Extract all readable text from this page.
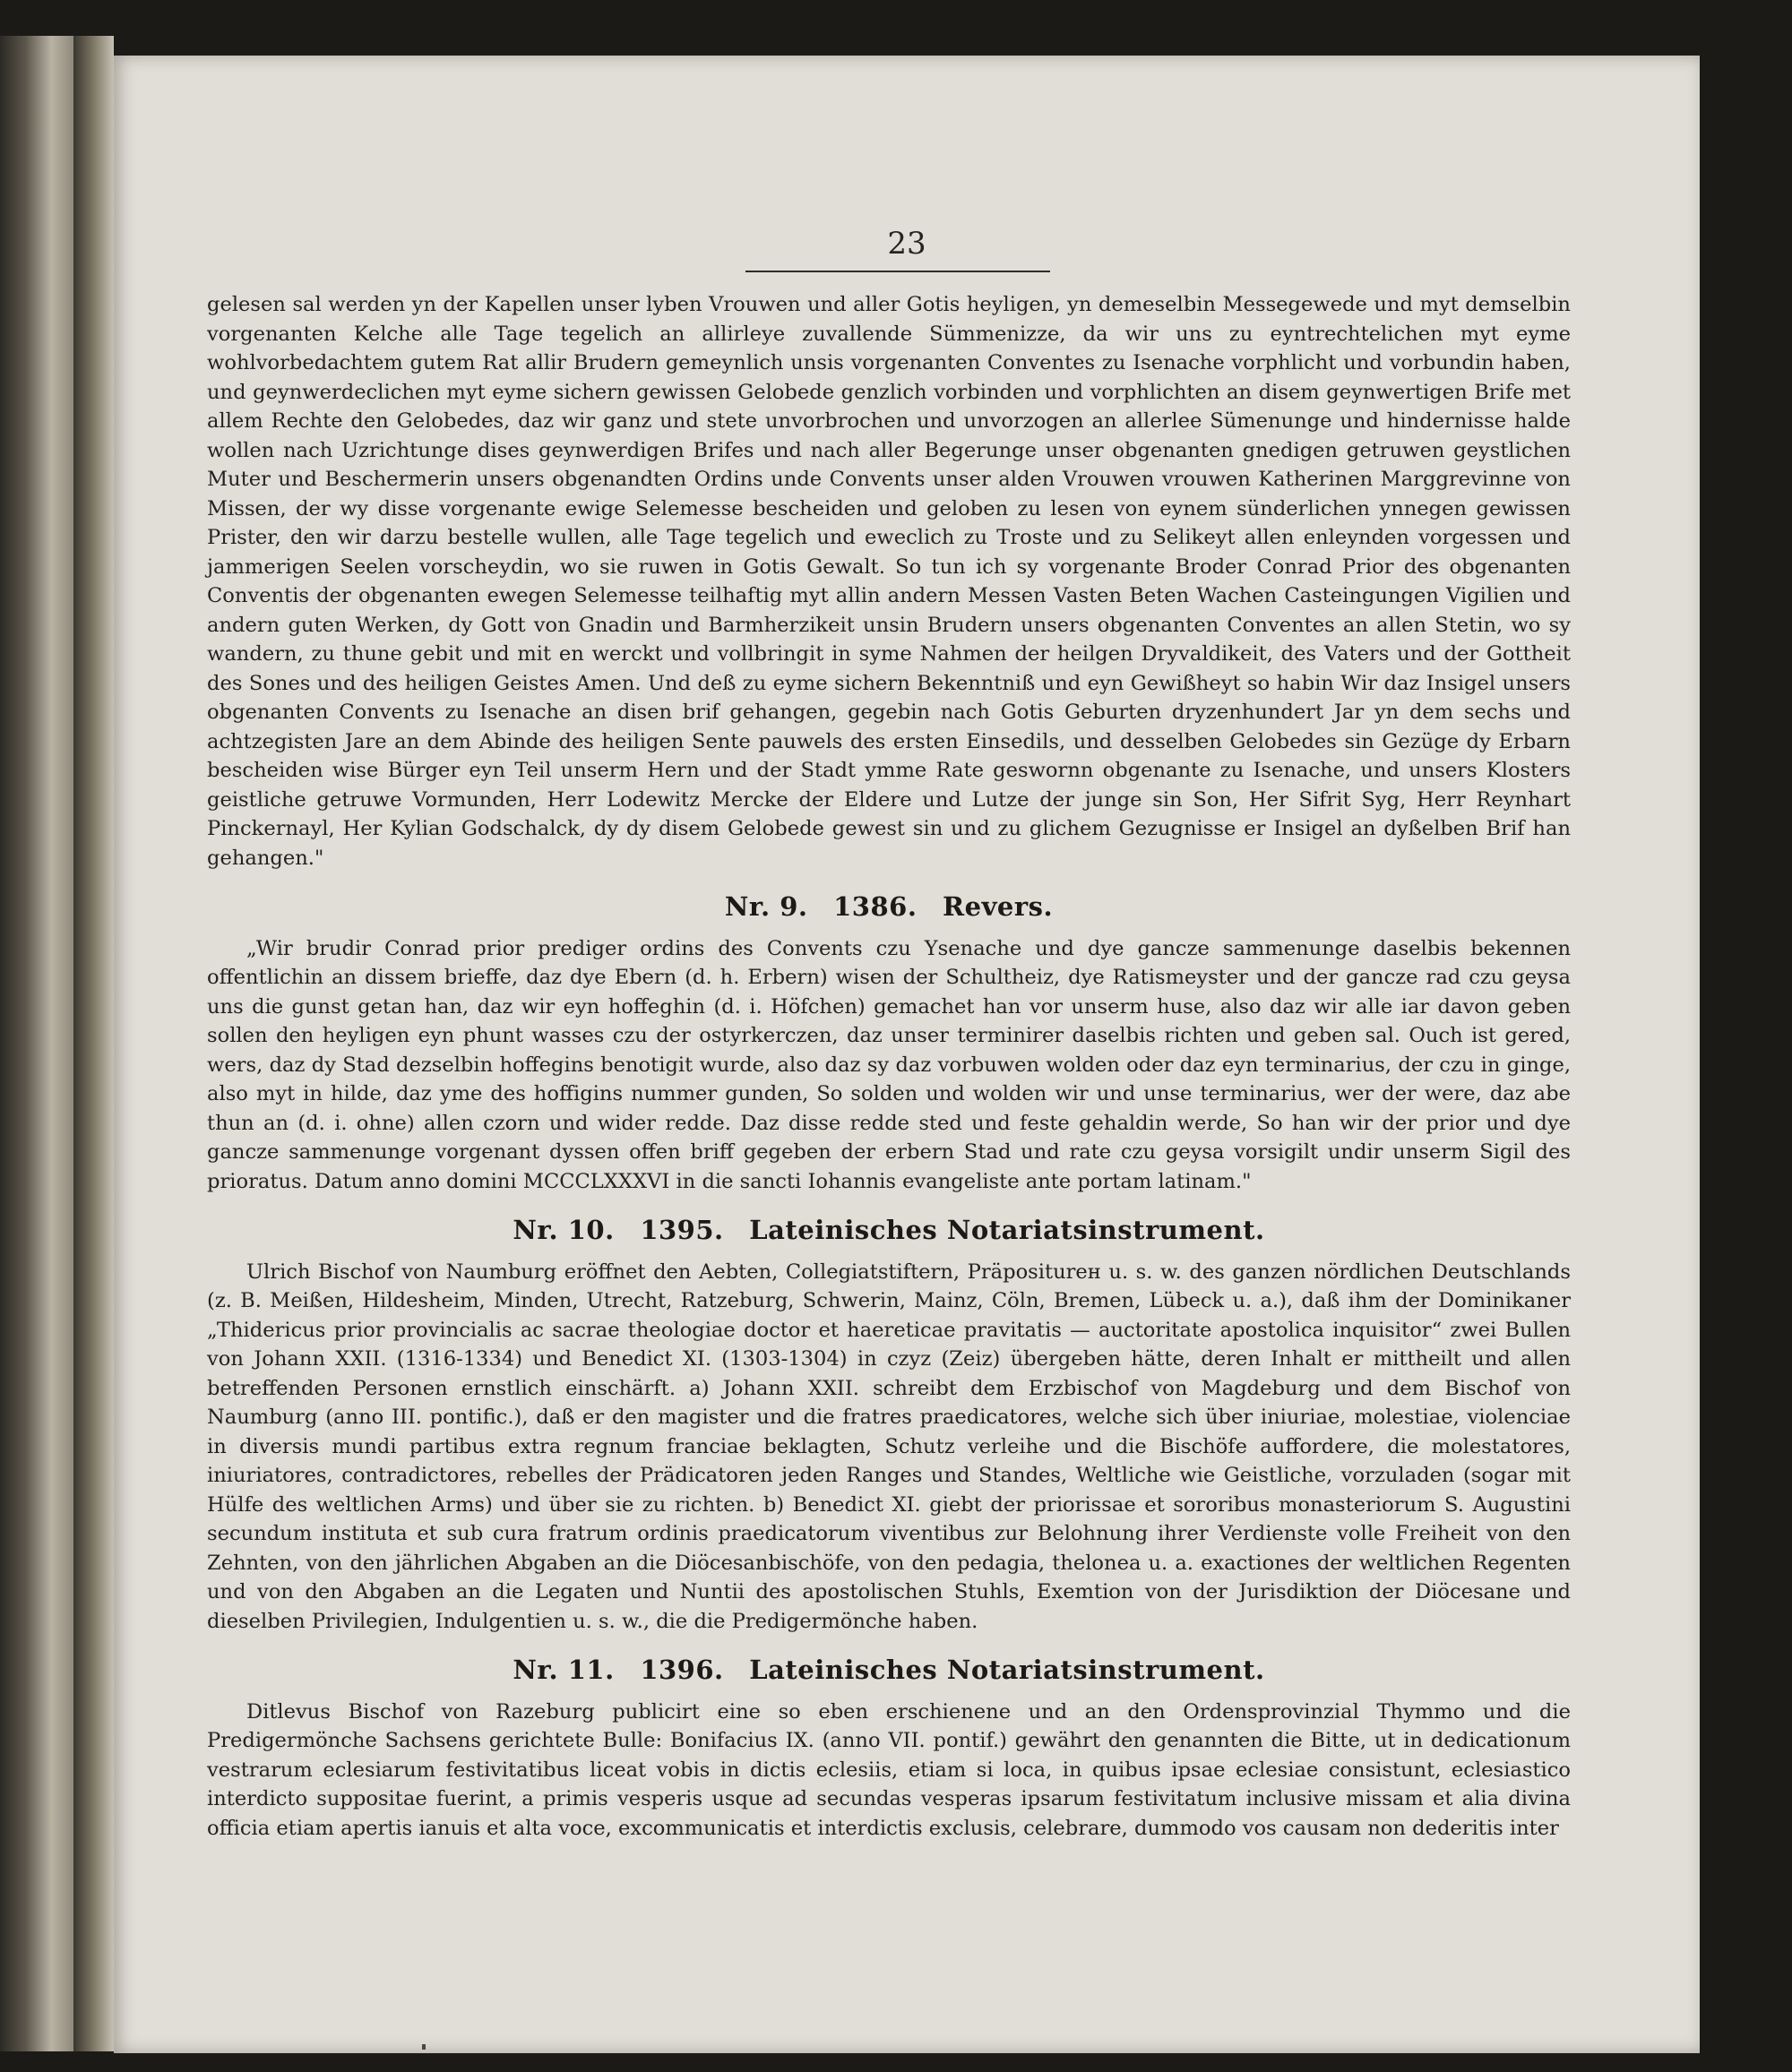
23

gelesen sal werden yn der Kapellen unser lyben Vrouwen und aller Gotis heyligen, yn demeselbin Messegewede und myt demselbin vorgenanten Kelche alle Tage tegelich an allirleye zuvallende Sümmenizze, da wir uns zu eyntrechtelichen myt eyme wohlvorbedachtem gutem Rat allir Brudern gemeynlich unsis vorgenanten Conventes zu Isenache vorphlicht und vorbundin haben, und geynwerdeclichen myt eyme sichern gewissen Gelobede genzlich vorbinden und vorphlichten an disem geynwertigen Brife met allem Rechte den Gelobedes, daz wir ganz und stete unvorbrochen und unvorzogen an allerlee Sümenunge und hindernisse halde wollen nach Uzrichtunge dises geynwerdigen Brifes und nach aller Begerunge unser obgenanten gnedigen getruwen geystlichen Muter und Beschermerin unsers obgenandten Ordins unde Convents unser alden Vrouwen vrouwen Katherinen Marggrevinne von Missen, der wy disse vorgenante ewige Selemesse bescheiden und geloben zu lesen von eynem sünderlichen ynnegen gewissen Prister, den wir darzu bestelle wullen, alle Tage tegelich und eweclich zu Troste und zu Selikeyt allen enleynden vorgessen und jammerigen Seelen vorscheydin, wo sie ruwen in Gotis Gewalt. So tun ich sy vorgenante Broder Conrad Prior des obgenanten Conventis der obgenanten ewegen Selemesse teilhaftig myt allin andern Messen Vasten Beten Wachen Casteingungen Vigilien und andern guten Werken, dy Gott von Gnadin und Barmherzikeit unsin Brudern unsers obgenanten Conventes an allen Stetin, wo sy wandern, zu thune gebit und mit en werckt und vollbringit in syme Nahmen der heilgen Dryvaldikeit, des Vaters und der Gottheit des Sones und des heiligen Geistes Amen. Und deß zu eyme sichern Bekenntniß und eyn Gewißheyt so habin Wir daz Insigel unsers obgenanten Convents zu Isenache an disen brif gehangen, gegebin nach Gotis Geburten dryzenhundert Jar yn dem sechs und achtzegisten Jare an dem Abinde des heiligen Sente pauwels des ersten Einsedils, und desselben Gelobedes sin Gezüge dy Erbarn bescheiden wise Bürger eyn Teil unserm Hern und der Stadt ymme Rate geswornn obgenante zu Isenache, und unsers Klosters geistliche getruwe Vormunden, Herr Lodewitz Mercke der Eldere und Lutze der junge sin Son, Her Sifrit Syg, Herr Reynhart Pinckernayl, Her Kylian Godschalck, dy dy disem Gelobede gewest sin und zu glichem Gezugnisse er Insigel an dyßelben Brif han gehangen."

Nr. 9. 1386. Revers.

„Wir brudir Conrad prior prediger ordins des Convents czu Ysenache und dye gancze sammenunge daselbis bekennen offentlichin an dissem brieffe, daz dye Ebern (d. h. Erbern) wisen der Schultheiz, dye Ratismeyster und der gancze rad czu geysa uns die gunst getan han, daz wir eyn hoffeghin (d. i. Höfchen) gemachet han vor unserm huse, also daz wir alle iar davon geben sollen den heyligen eyn phunt wasses czu der ostyrkerczen, daz unser terminirer daselbis richten und geben sal. Ouch ist gered, wers, daz dy Stad dezselbin hoffegins benotigit wurde, also daz sy daz vorbuwen wolden oder daz eyn terminarius, der czu in ginge, also myt in hilde, daz yme des hoffigins nummer gunden, So solden und wolden wir und unse terminarius, wer der were, daz abe thun an (d. i. ohne) allen czorn und wider redde. Daz disse redde sted und feste gehaldin werde, So han wir der prior und dye gancze sammenunge vorgenant dyssen offen briff gegeben der erbern Stad und rate czu geysa vorsigilt undir unserm Sigil des prioratus. Datum anno domini MCCCLXXXVI in die sancti Iohannis evangeliste ante portam latinam."

Nr. 10. 1395. Lateinisches Notariatsinstrument.

Ulrich Bischof von Naumburg eröffnet den Aebten, Collegiatstiftern, Präpositurен u. s. w. des ganzen nördlichen Deutschlands (z. B. Meißen, Hildesheim, Minden, Utrecht, Ratzeburg, Schwerin, Mainz, Cöln, Bremen, Lübeck u. a.), daß ihm der Dominikaner „Thidericus prior provincialis ac sacrae theologiae doctor et haereticae pravitatis — auctoritate apostolica inquisitor“ zwei Bullen von Johann XXII. (1316-1334) und Benedict XI. (1303-1304) in czyz (Zeiz) übergeben hätte, deren Inhalt er mittheilt und allen betreffenden Personen ernstlich einschärft. a) Johann XXII. schreibt dem Erzbischof von Magdeburg und dem Bischof von Naumburg (anno III. pontific.), daß er den magister und die fratres praedicatores, welche sich über iniuriae, molestiae, violenciae in diversis mundi partibus extra regnum franciae beklagten, Schutz verleihe und die Bischöfe aufforderе, die molestatores, iniuriatores, contradictores, rebelles der Prädicatoren jeden Ranges und Standes, Weltliche wie Geistliche, vorzuladen (sogar mit Hülfe des weltlichen Arms) und über sie zu richten. b) Benedict XI. giebt der priorissae et sororibus monasteriorum S. Augustini secundum instituta et sub cura fratrum ordinis praedicatorum viventibus zur Belohnung ihrer Verdienste volle Freiheit von den Zehnten, von den jährlichen Abgaben an die Diöcesanbischöfe, von den pedagia, thelonea u. a. exactiones der weltlichen Regenten und von den Abgaben an die Legaten und Nuntii des apostolischen Stuhls, Exemtion von der Jurisdiktion der Diöcesane und dieselben Privilegien, Indulgentien u. s. w., die die Predigermönche haben.

Nr. 11. 1396. Lateinisches Notariatsinstrument.

Ditlevus Bischof von Razeburg publicirt eine so eben erschienene und an den Ordensprovinzial Thymmo und die Predigermönche Sachsens gerichtete Bulle: Bonifacius IX. (anno VII. pontif.) gewährt den genannten die Bitte, ut in dedicationum vestrarum eclesiarum festivitatibus liceat vobis in dictis eclesiis, etiam si loca, in quibus ipsae eclesiae consistunt, eclesiastico interdicto suppositae fuerint, a primis vesperis usque ad secundas vesperas ipsarum festivitatum inclusive missam et alia divina officia etiam apertis ianuis et alta voce, excommunicatis et interdictis exclusis, celebrare, dummodo vos causam non dederitis inter
